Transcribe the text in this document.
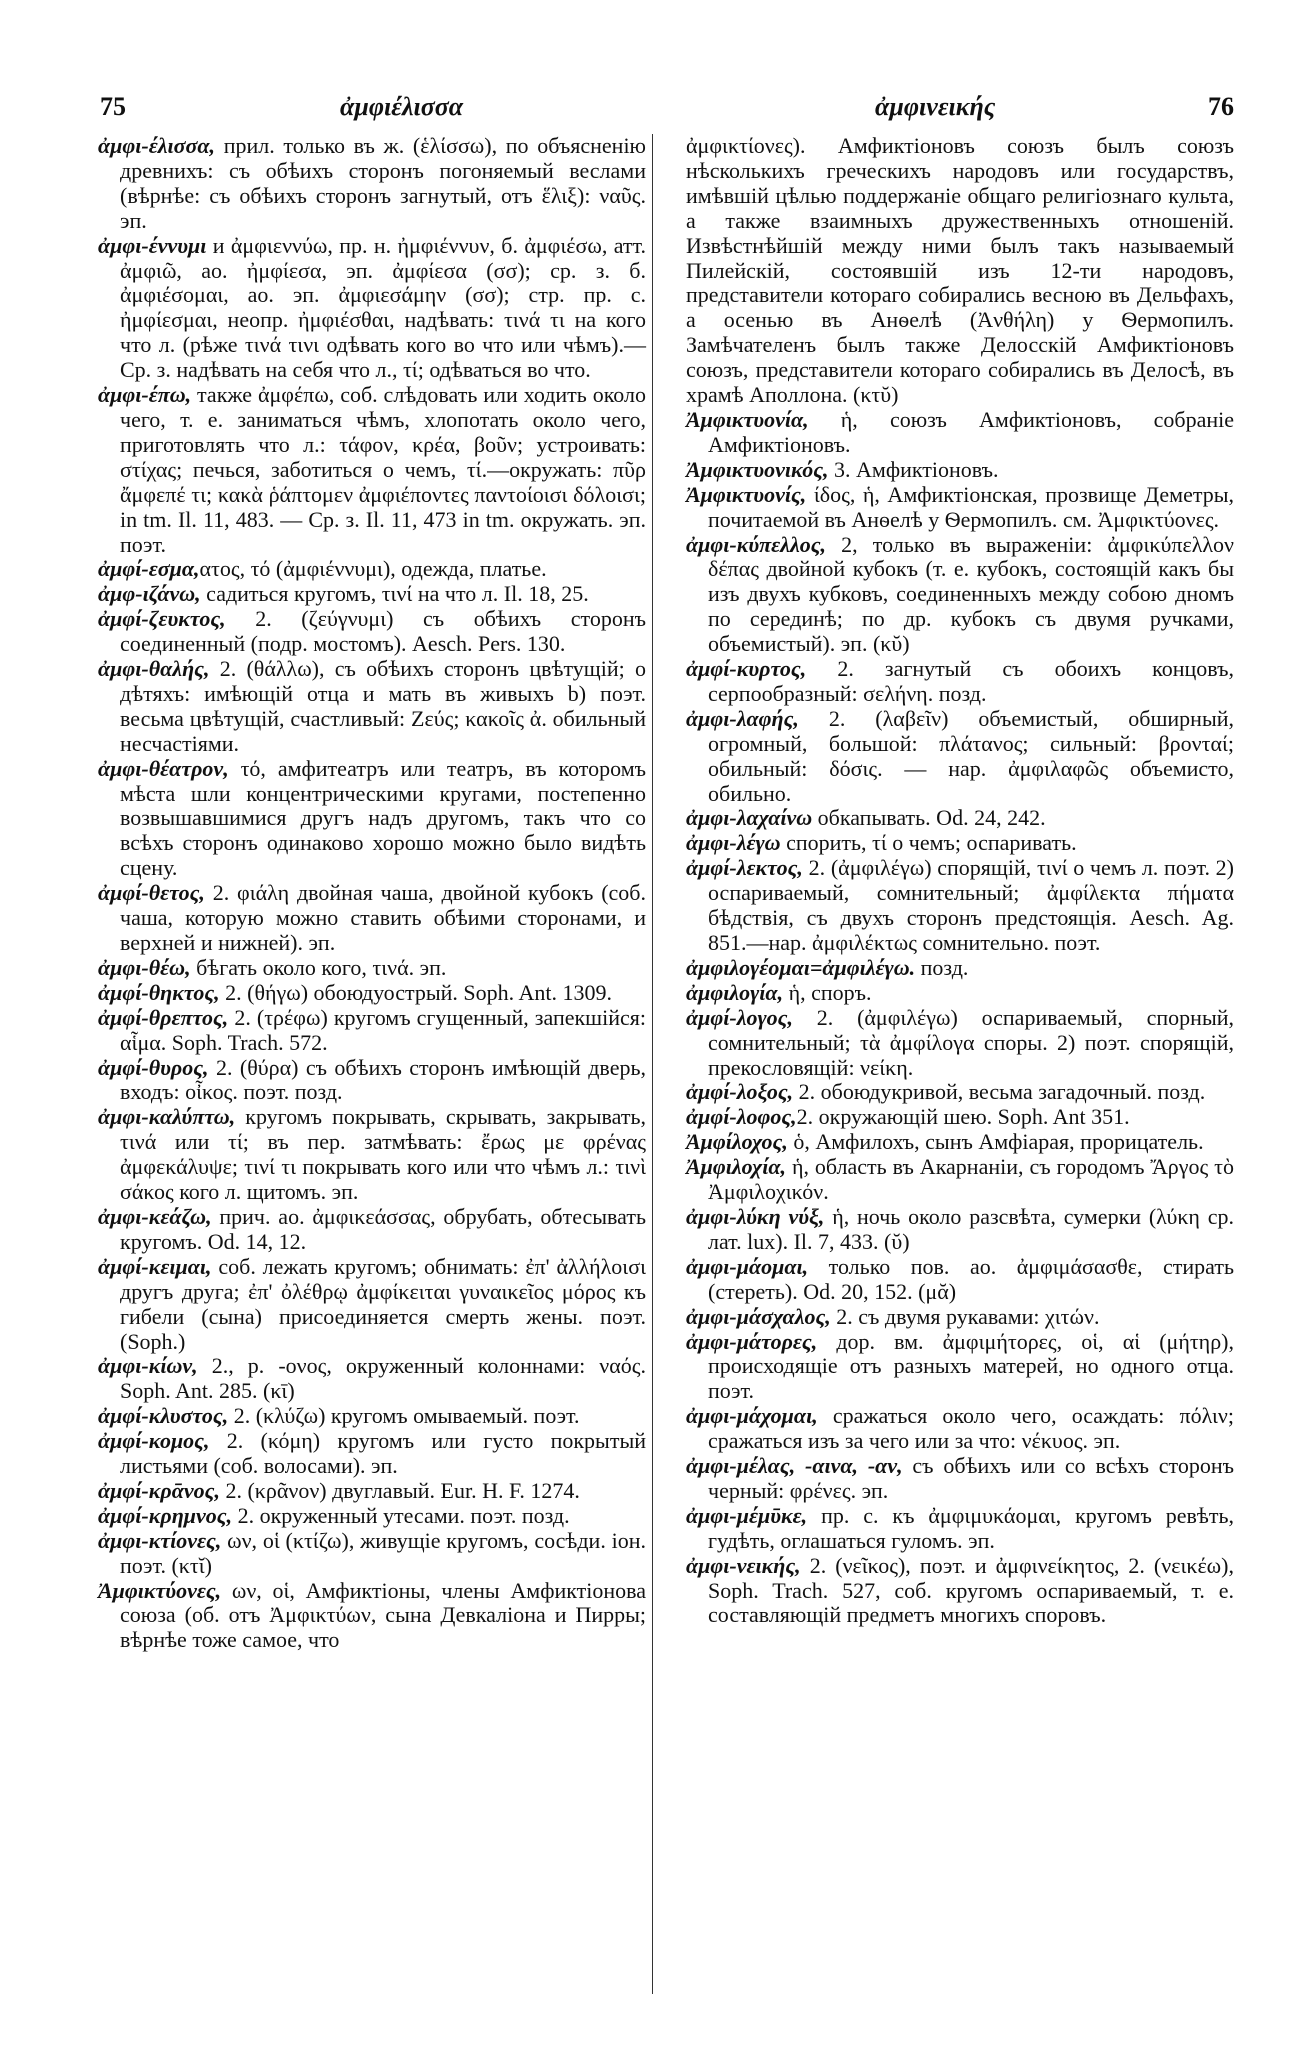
75	ἀμφιέλισσα	ἀμφινεικής	76

ἀμφι-έλισσα, прил. только въ ж. (ἑλίσσω), по объясненію древнихъ: съ обѣихъ сторонъ погоняемый веслами (вѣрнѣе: съ обѣихъ сторонъ загнутый, отъ ἕλιξ): ναῦς. эп.

ἀμφι-έννυμι и ἀμφιεννύω, пр. н. ἠμφιέννυν, б. ἀμφιέσω, атт. ἀμφιῶ, ао. ἠμφίεσα, эп. ἀμφίεσα (σσ); ср. з. б. ἀμφιέσομαι, ао. эп. ἀμφιεσάμην (σσ); стр. пр. с. ἠμφίεσμαι, неопр. ἠμφιέσθαι, надѣвать: τινά τι на кого что л. (рѣже τινά τινι одѣвать кого во что или чѣмъ).—Ср. з. надѣвать на себя что л., τί; одѣваться во что.

ἀμφι-έπω, также ἀμφέπω, соб. слѣдовать или ходить около чего, т. е. заниматься чѣмъ, хлопотать около чего, приготовлять что л.: τάφον, κρέα, βοῦν; устроивать: στίχας; печься, заботиться о чемъ, τί.—окружать: πῦρ ἄμφεπέ τι; κακὰ ῥάπτομεν ἀμφιέποντες παντοίοισι δόλοισι; in tm. Il. 11, 483. — Ср. з. Il. 11, 473 in tm. окружать. эп. поэт.

ἀμφί-εσμα,ατος, τό (ἀμφιέννυμι), одежда, платье.

ἀμφ-ιζάνω, садиться кругомъ, τινί на что л. Il. 18, 25.

ἀμφί-ζευκτος, 2. (ζεύγνυμι) съ обѣихъ сторонъ соединенный (подр. мостомъ). Aesch. Pers. 130.

ἀμφι-θαλής, 2. (θάλλω), съ обѣихъ сторонъ цвѣтущій; о дѣтяхъ: имѣющій отца и мать въ живыхъ b) поэт. весьма цвѣтущій, счастливый: Ζεύς; κακοῖς ἀ. обильный несчастіями.

ἀμφι-θέατρον, τό, амфитеатръ или театръ, въ которомъ мѣста шли концентрическими кругами, постепенно возвышавшимися другъ надъ другомъ, такъ что со всѣхъ сторонъ одинаково хорошо можно было видѣть сцену.

ἀμφί-θετος, 2. φιάλη двойная чаша, двойной кубокъ (соб. чаша, которую можно ставить обѣими сторонами, и верхней и нижней). эп.

ἀμφι-θέω, бѣгать около кого, τινά. эп.

ἀμφί-θηκτος, 2. (θήγω) обоюдуострый. Soph. Ant. 1309.

ἀμφί-θρεπτος, 2. (τρέφω) кругомъ сгущенный, запекшійся: αἷμα. Soph. Trach. 572.

ἀμφί-θυρος, 2. (θύρα) съ обѣихъ сторонъ имѣющій дверь, входъ: οἶκος. поэт. позд.

ἀμφι-καλύπτω, кругомъ покрывать, скрывать, закрывать, τινά или τί; въ пер. затмѣвать: ἔρως με φρένας ἀμφεκάλυψε; τινί τι покрывать кого или что чѣмъ л.: τινὶ σάκος кого л. щитомъ. эп.

ἀμφι-κεάζω, прич. ао. ἀμφικεάσσας, обрубать, обтесывать кругомъ. Od. 14, 12.

ἀμφί-κειμαι, соб. лежать кругомъ; обнимать: ἐπ' ἀλλήλοισι другъ друга; ἐπ' ὀλέθρῳ ἀμφίκειται γυναικεῖος μόρος къ гибели (сына) присоединяется смерть жены. поэт. (Soph.)

ἀμφι-κίων, 2., р. -ονος, окруженный колоннами: ναός. Soph. Ant. 285. (κῑ)

ἀμφί-κλυστος, 2. (κλύζω) кругомъ омываемый. поэт.

ἀμφί-κομος, 2. (κόμη) кругомъ или густо покрытый листьями (соб. волосами). эп.

ἀμφί-κρᾱνος, 2. (κρᾶνον) двуглавый. Eur. H. F. 1274.

ἀμφί-κρημνος, 2. окруженный утесами. поэт. позд.

ἀμφι-κτίονες, ων, οἱ (κτίζω), живущіе кругомъ, сосѣди. іон. поэт. (κτῐ)

Ἀμφικτύονες, ων, οἱ, Амфиктіоны, члены Амфиктіонова союза (об. отъ Ἀμφικτύων, сына Девкаліона и Пирры; вѣрнѣе тоже самое, что

ἀμφικτίονες). Амфиктіоновъ союзъ былъ союзъ нѣсколькихъ греческихъ народовъ или государствъ, имѣвшій цѣлью поддержаніе общаго религіознаго культа, а также взаимныхъ дружественныхъ отношеній. Извѣстнѣйшій между ними былъ такъ называемый Пилейскій, состоявшій изъ 12-ти народовъ, представители котораго собирались весною въ Дельфахъ, а осенью въ Анѳелѣ (Ἀνθήλη) у Ѳермопилъ. Замѣчателенъ былъ также Делосскій Амфиктіоновъ союзъ, представители котораго собирались въ Делосѣ, въ храмѣ Аполлона. (κτῠ)

Ἀμφικτυονία, ἡ, союзъ Амфиктіоновъ, собраніе Амфиктіоновъ.

Ἀμφικτυονικός, 3. Амфиктіоновъ.

Ἀμφικτυονίς, ίδος, ἡ, Амфиктіонская, прозвище Деметры, почитаемой въ Анѳелѣ у Ѳермопилъ. см. Ἀμφικτύονες.

ἀμφι-κύπελλος, 2, только въ выраженіи: ἀμφικύπελλον δέπας двойной кубокъ (т. е. кубокъ, состоящій какъ бы изъ двухъ кубковъ, соединенныхъ между собою дномъ по серединѣ; по др. кубокъ съ двумя ручками, объемистый). эп. (κῠ)

ἀμφί-κυρτος, 2. загнутый съ обоихъ концовъ, серпообразный: σελήνη. позд.

ἀμφι-λαφής, 2. (λαβεῖν) объемистый, обширный, огромный, большой: πλάτανος; сильный: βρονταί; обильный: δόσις. — нар. ἀμφιλαφῶς объемисто, обильно.

ἀμφι-λαχαίνω обкапывать. Od. 24, 242.

ἀμφι-λέγω спорить, τί о чемъ; оспаривать.

ἀμφί-λεκτος, 2. (ἀμφιλέγω) спорящій, τινί о чемъ л. поэт. 2) оспариваемый, сомнительный; ἀμφίλεκτα πήματα бѣдствія, съ двухъ сторонъ предстоящія. Aesch. Ag. 851.—нар. ἀμφιλέκτως сомнительно. поэт.

ἀμφιλογέομαι=ἀμφιλέγω. позд.

ἀμφιλογία, ἡ, споръ.

ἀμφί-λογος, 2. (ἀμφιλέγω) оспариваемый, спорный, сомнительный; τὰ ἀμφίλογα споры. 2) поэт. спорящій, прекословящій: νείκη.

ἀμφί-λοξος, 2. обоюдукривой, весьма загадочный. позд.

ἀμφί-λοφος,2. окружающій шею. Soph. Ant 351.

Ἀμφίλοχος, ὁ, Амфилохъ, сынъ Амфіарая, прорицатель.

Ἀμφιλοχία, ἡ, область въ Акарнаніи, съ городомъ Ἄργος τὸ Ἀμφιλοχικόν.

ἀμφι-λύκη νύξ, ἡ, ночь около разсвѣта, сумерки (λύκη ср. лат. lux). Il. 7, 433. (ῠ)

ἀμφι-μάομαι, только пов. ао. ἀμφιμάσασθε, стирать (стереть). Od. 20, 152. (μᾰ)

ἀμφι-μάσχαλος, 2. съ двумя рукавами: χιτών.

ἀμφι-μάτορες, дор. вм. ἀμφιμήτορες, οἱ, αἱ (μήτηρ), происходящіе отъ разныхъ матерей, но одного отца. поэт.

ἀμφι-μάχομαι, сражаться около чего, осаждать: πόλιν; сражаться изъ за чего или за что: νέκυος. эп.

ἀμφι-μέλας, -αινα, -αν, съ обѣихъ или со всѣхъ сторонъ черный: φρένες. эп.

ἀμφι-μέμῡκε, пр. с. къ ἀμφιμυκάομαι, кругомъ ревѣть, гудѣть, оглашаться гуломъ. эп.

ἀμφι-νεικής, 2. (νεῖκος), поэт. и ἀμφινείκητος, 2. (νεικέω), Soph. Trach. 527, соб. кругомъ оспариваемый, т. е. составляющій предметъ многихъ споровъ.
